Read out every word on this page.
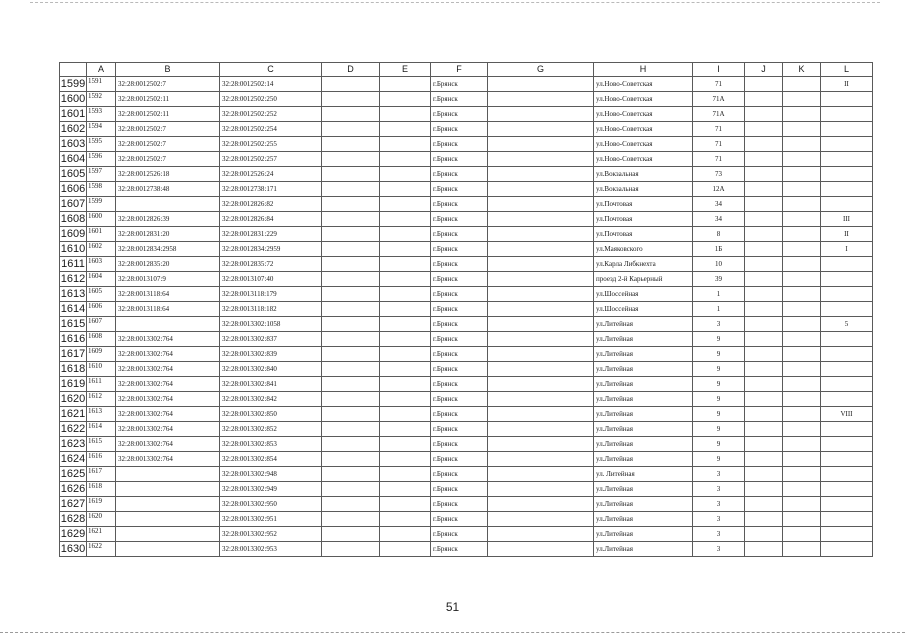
	A	B	C	D	E	F	G	H	I	J	K	L
1599	1591	32:28:0012502:7	32:28:0012502:14			г.Брянск		ул.Ново-Советская	71			II
1600	1592	32:28:0012502:11	32:28:0012502:250			г.Брянск		ул.Ново-Советская	71А			
1601	1593	32:28:0012502:11	32:28:0012502:252			г.Брянск		ул.Ново-Советская	71А			
1602	1594	32:28:0012502:7	32:28:0012502:254			г.Брянск		ул.Ново-Советская	71			
1603	1595	32:28:0012502:7	32:28:0012502:255			г.Брянск		ул.Ново-Советская	71			
1604	1596	32:28:0012502:7	32:28:0012502:257			г.Брянск		ул.Ново-Советская	71			
1605	1597	32:28:0012526:18	32:28:0012526:24			г.Брянск		ул.Вокзальная	73			
1606	1598	32:28:0012738:48	32:28:0012738:171			г.Брянск		ул.Вокзальная	12А			
1607	1599		32:28:0012826:82			г.Брянск		ул.Почтовая	34			
1608	1600	32:28:0012826:39	32:28:0012826:84			г.Брянск		ул.Почтовая	34			III
1609	1601	32:28:0012831:20	32:28:0012831:229			г.Брянск		ул.Почтовая	8			II
1610	1602	32:28:0012834:2958	32:28:0012834:2959			г.Брянск		ул.Маяковского	1Б			I
1611	1603	32:28:0012835:20	32:28:0012835:72			г.Брянск		ул.Карла Либкнехта	10			
1612	1604	32:28:0013107:9	32:28:0013107:40			г.Брянск		проезд 2-й Карьерный	39			
1613	1605	32:28:0013118:64	32:28:0013118:179			г.Брянск		ул.Шоссейная	1			
1614	1606	32:28:0013118:64	32:28:0013118:182			г.Брянск		ул.Шоссейная	1			
1615	1607		32:28:0013302:1058			г.Брянск		ул.Литейная	3			5
1616	1608	32:28:0013302:764	32:28:0013302:837			г.Брянск		ул.Литейная	9			
1617	1609	32:28:0013302:764	32:28:0013302:839			г.Брянск		ул.Литейная	9			
1618	1610	32:28:0013302:764	32:28:0013302:840			г.Брянск		ул.Литейная	9			
1619	1611	32:28:0013302:764	32:28:0013302:841			г.Брянск		ул.Литейная	9			
1620	1612	32:28:0013302:764	32:28:0013302:842			г.Брянск		ул.Литейная	9			
1621	1613	32:28:0013302:764	32:28:0013302:850			г.Брянск		ул.Литейная	9			VIII
1622	1614	32:28:0013302:764	32:28:0013302:852			г.Брянск		ул.Литейная	9			
1623	1615	32:28:0013302:764	32:28:0013302:853			г.Брянск		ул.Литейная	9			
1624	1616	32:28:0013302:764	32:28:0013302:854			г.Брянск		ул.Литейная	9			
1625	1617		32:28:0013302:948			г.Брянск		ул. Литейная	3			
1626	1618		32:28:0013302:949			г.Брянск		ул.Литейная	3			
1627	1619		32:28:0013302:950			г.Брянск		ул.Литейная	3			
1628	1620		32:28:0013302:951			г.Брянск		ул.Литейная	3			
1629	1621		32:28:0013302:952			г.Брянск		ул.Литейная	3			
1630	1622		32:28:0013302:953			г.Брянск		ул.Литейная	3			
51
